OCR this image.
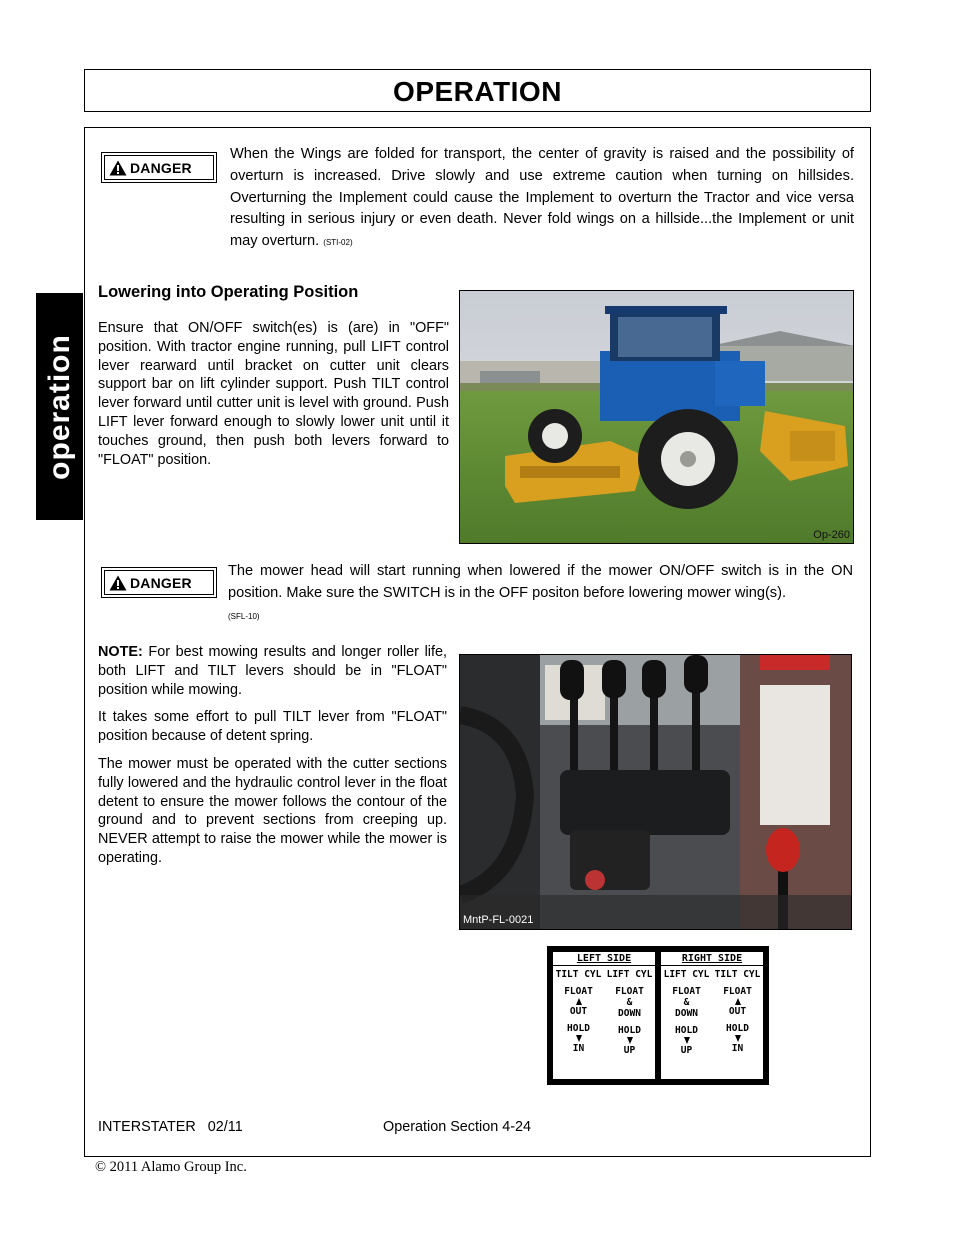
OPERATION
operation
DANGER
When the Wings are folded for transport, the center of gravity is raised and the possibility of overturn is increased. Drive slowly and use extreme caution when turning on hillsides. Overturning the Implement could cause the Implement to overturn the Tractor and vice versa resulting in serious injury or even death. Never fold wings on a hillside...the Implement or unit may overturn. (STI-02)
Lowering into Operating Position
Ensure that ON/OFF switch(es) is (are) in "OFF" position. With tractor engine running, pull LIFT control lever rearward until bracket on cutter unit clears support bar on lift cylinder support. Push TILT control lever forward until cutter unit is level with ground. Push LIFT lever forward enough to slowly lower unit until it touches ground, then push both levers forward to "FLOAT" position.
Op-260
DANGER
The mower head will start running when lowered if the mower ON/OFF switch is in the ON position. Make sure the SWITCH is in the OFF positon before lowering mower wing(s).
(SFL-10)
NOTE: For best mowing results and longer roller life, both LIFT and TILT levers should be in "FLOAT" position while mowing.
It takes some effort to pull TILT lever from "FLOAT" position because of detent spring.
The mower must be operated with the cutter sections fully lowered and the hydraulic control lever in the float detent to ensure the mower follows the contour of the ground and to prevent sections from creeping up. NEVER attempt to raise the mower while the mower is operating.
MntP-FL-0021
LEFT SIDE
TILT CYL
FLOAT
OUT
HOLD
IN
LIFT CYL
FLOAT
&
DOWN
HOLD
UP
RIGHT SIDE
LIFT CYL
FLOAT
&
DOWN
HOLD
UP
TILT CYL
FLOAT
OUT
HOLD
IN
INTERSTATER   02/11	Operation Section 4-24
© 2011 Alamo Group Inc.
